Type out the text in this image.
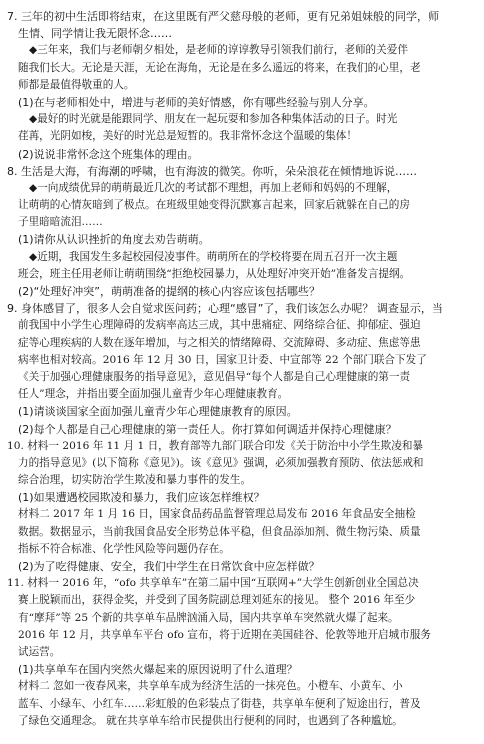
7. 三年的初中生活即将结束，在这里既有严父慈母般的老师，更有兄弟姐妹般的同学，师
生情、同学情让我无限怀念……
◆三年来，我们与老师朝夕相处，是老师的谆谆教导引领我们前行，老师的关爱伴
随我们长大。无论是天涯，无论在海角，无论是在多么遥远的将来，在我们的心里，老
师都是最值得敬重的人。
(1)在与老师相处中，增进与老师的美好情感，你有哪些经验与别人分享。
◆最好的时光就是能跟同学、朋友在一起玩耍和参加各种集体活动的日子。时光
荏苒，光阴如梭，美好的时光总是短暂的。我非常怀念这个温暖的集体！
(2)说说非常怀念这个班集体的理由。
8. 生活是大海，有海潮的呼啸，也有海波的微笑。你听，朵朵浪花在倾情地诉说……
◆一向成绩优异的萌萌最近几次的考试都不理想，再加上老师和妈妈的不理解，
让萌萌的心情灰暗到了极点。在班级里她变得沉默寡言起来，回家后就躲在自己的房
子里暗暗流泪……
(1)请你从认识挫折的角度去劝告萌萌。
◆近期，我国发生多起校园侵凌事件。萌萌所在的学校将要在周五召开一次主题
班会，班主任用老师让萌萌围绕“拒绝校园暴力，从处理好冲突开始”准备发言提纲。
(2)“处理好冲突”，萌萌准备的提纲的核心内容应该包括哪些？
9. 身体感冒了，很多人会自觉求医问药；心理“感冒”了，我们该怎么办呢？ 调查显示，当
前我国中小学生心理障碍的发病率高达三成，其中患痛症、网络综合征、抑郁症、强迫
症等心理疾病的人数在逐年增加，与之相关的情绪障碍、交流障碍、多动症、焦虑等患
病率也相对较高。2016 年 12 月 30 日，国家卫计委、中宣部等 22 个部门联合下发了
《关于加强心理健康服务的指导意见》，意见倡导“每个人都是自己心理健康的第一责
任人”理念，并指出要全面加强儿童青少年心理健康教育。
(1)请谈谈国家全面加强儿童青少年心理健康教育的原因。
(2)每个人都是自己心理健康的第一责任人。你打算如何调适并保持心理健康？
10. 材料一 2016 年 11 月 1 日，教育部等九部门联合印发《关于防治中小学生欺凌和暴
力的指导意见》(以下简称《意见》)。该《意见》强调，必须加强教育预防、依法惩戒和
综合治理，切实防治学生欺凌和暴力事件的发生。
(1)如果遭遇校园欺凌和暴力，我们应该怎样维权？
材料二 2017 年 1 月 16 日，国家食品药品监督管理总局发布 2016 年食品安全抽检
数据。数据显示，当前我国食品安全形势总体平稳，但食品添加剂、微生物污染、质量
指标不符合标准、化学性风险等问题仍存在。
(2)为了吃得健康、安全，我们中学生在日常饮食中应怎样做？
11. 材料一 2016 年，“ofo 共享单车”在第二届中国“互联网+”大学生创新创业全国总决
赛上脱颖而出，获得金奖，并受到了国务院副总理刘延东的接见。 整个 2016 年至少
有“摩拜”等 25 个新的共享单车品牌汹涌入局，国内共享单车突然就火爆了起来。
2016 年 12 月，共享单车平台 ofo 宣布，将于近期在美国硅谷、伦敦等地开启城市服务
试运营。
(1)共享单车在国内突然火爆起来的原因说明了什么道理？
材料二 忽如一夜春风来，共享单车成为经济生活的一抹亮色。小橙车、小黄车、小
蓝车、小绿车、小红车……彩虹般的色彩装点了街巷，共享单车便利了短途出行，普及
了绿色交通理念。 就在共享单车给市民提供出行便利的同时，也遇到了各种尴尬。
